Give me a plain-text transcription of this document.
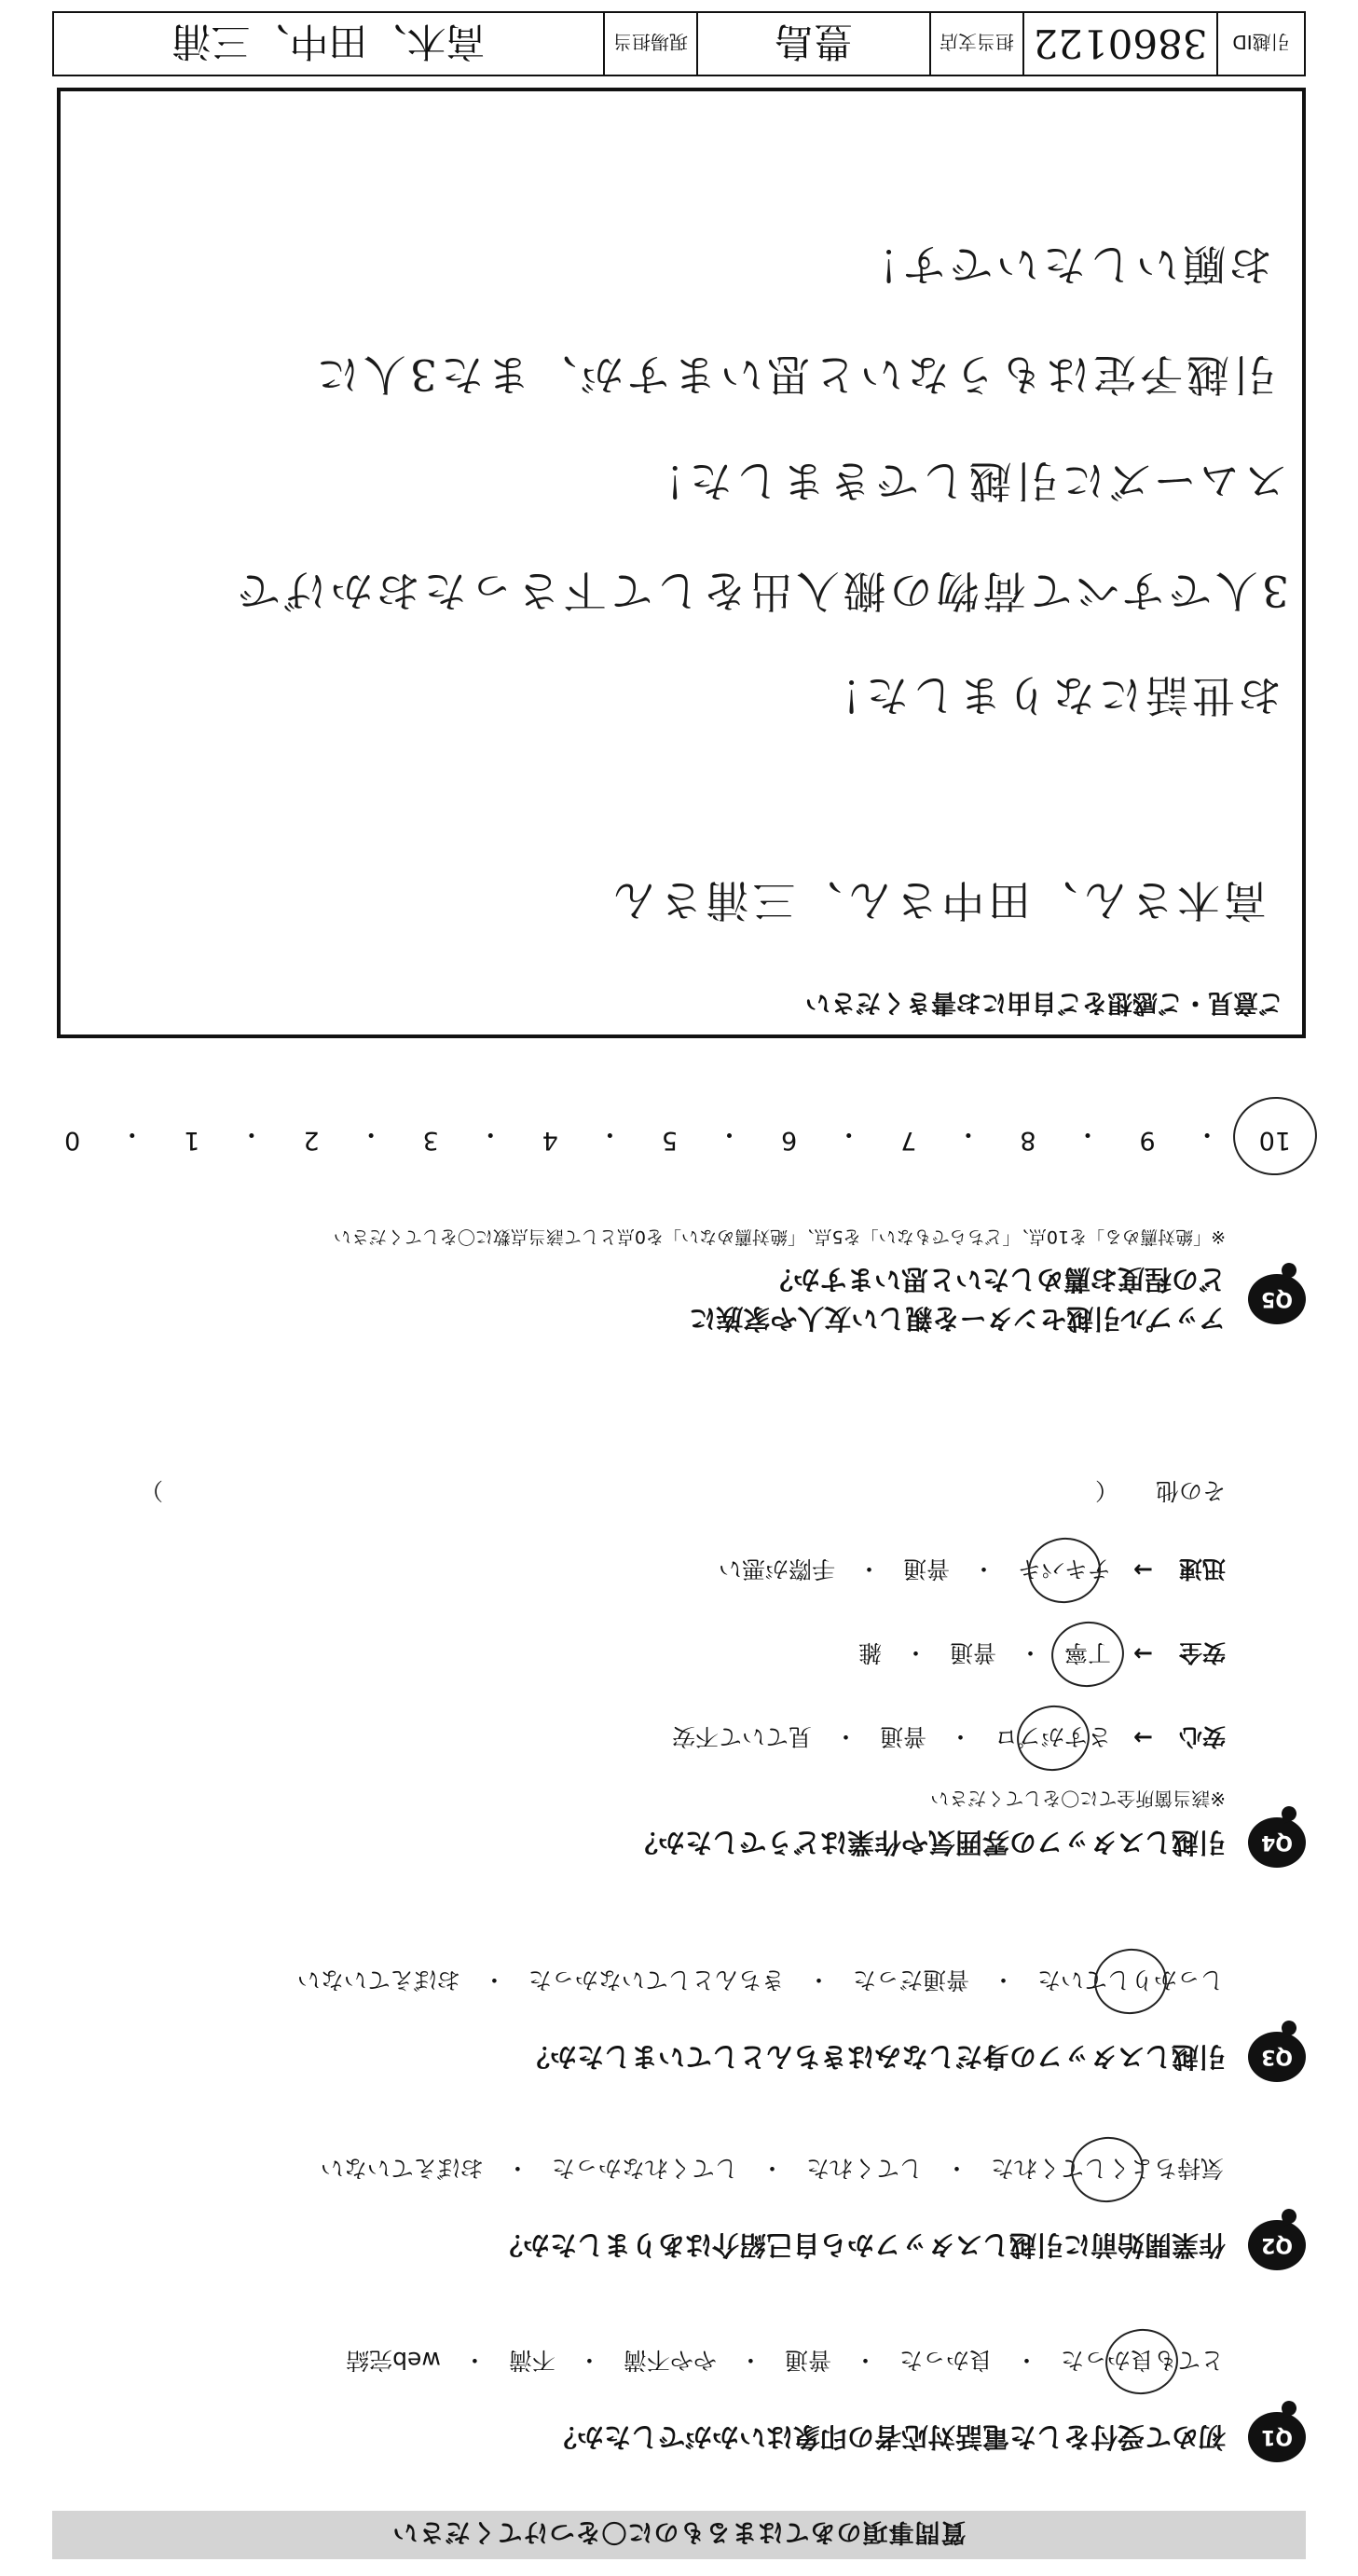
質問事項のあてはまるものに〇をつけてください
Q1
初めて受付をした電話対応者の印象はいかがでしたか？
とても良かった
・
良かった
・
普通
・
やや不満
・
不満
・
web完結
Q2
作業開始前に引越しスタッフから自己紹介はありましたか？
気持ちよくしてくれた
・
してくれた
・
してくれなかった
・
おぼえていない
Q3
引越しスタッフの身だしなみはきちんとしていましたか？
しっかりしていた
・
普通だった
・
きちんとしていなかった
・
おぼえていない
Q4
引越しスタッフの雰囲気や作業はどうでしたか？
※該当箇所全てに〇をしてください
安心
→
さすがプロ
・
普通
・
見ていて不安
安全
→
丁寧
・
普通
・
雑
迅速
→
テキパキ
・
普通
・
手際が悪い
その他
（
）
Q5
アップル引越センターを親しい友人や家族に
どの程度お薦めしたいと思いますか？
※「絶対薦める」を10点、「どちらでもない」を5点、「絶対薦めない」を0点として該当点数に〇をしてください
10
・
9
・
8
・
7
・
6
・
5
・
4
・
3
・
2
・
1
・
0
ご意見・ご感想をご自由にお書きください
高木さん、田中さん、三浦さん
お世話になりました！
3人ですべて荷物の搬入出をして下さったおかげで
スムーズに引越しできました！
引越予定はもうないと思いますが、また3人に
お願いしたいです！
引越ID
3860122
担当支店
豊島
現場担当
高木、田中、三浦
